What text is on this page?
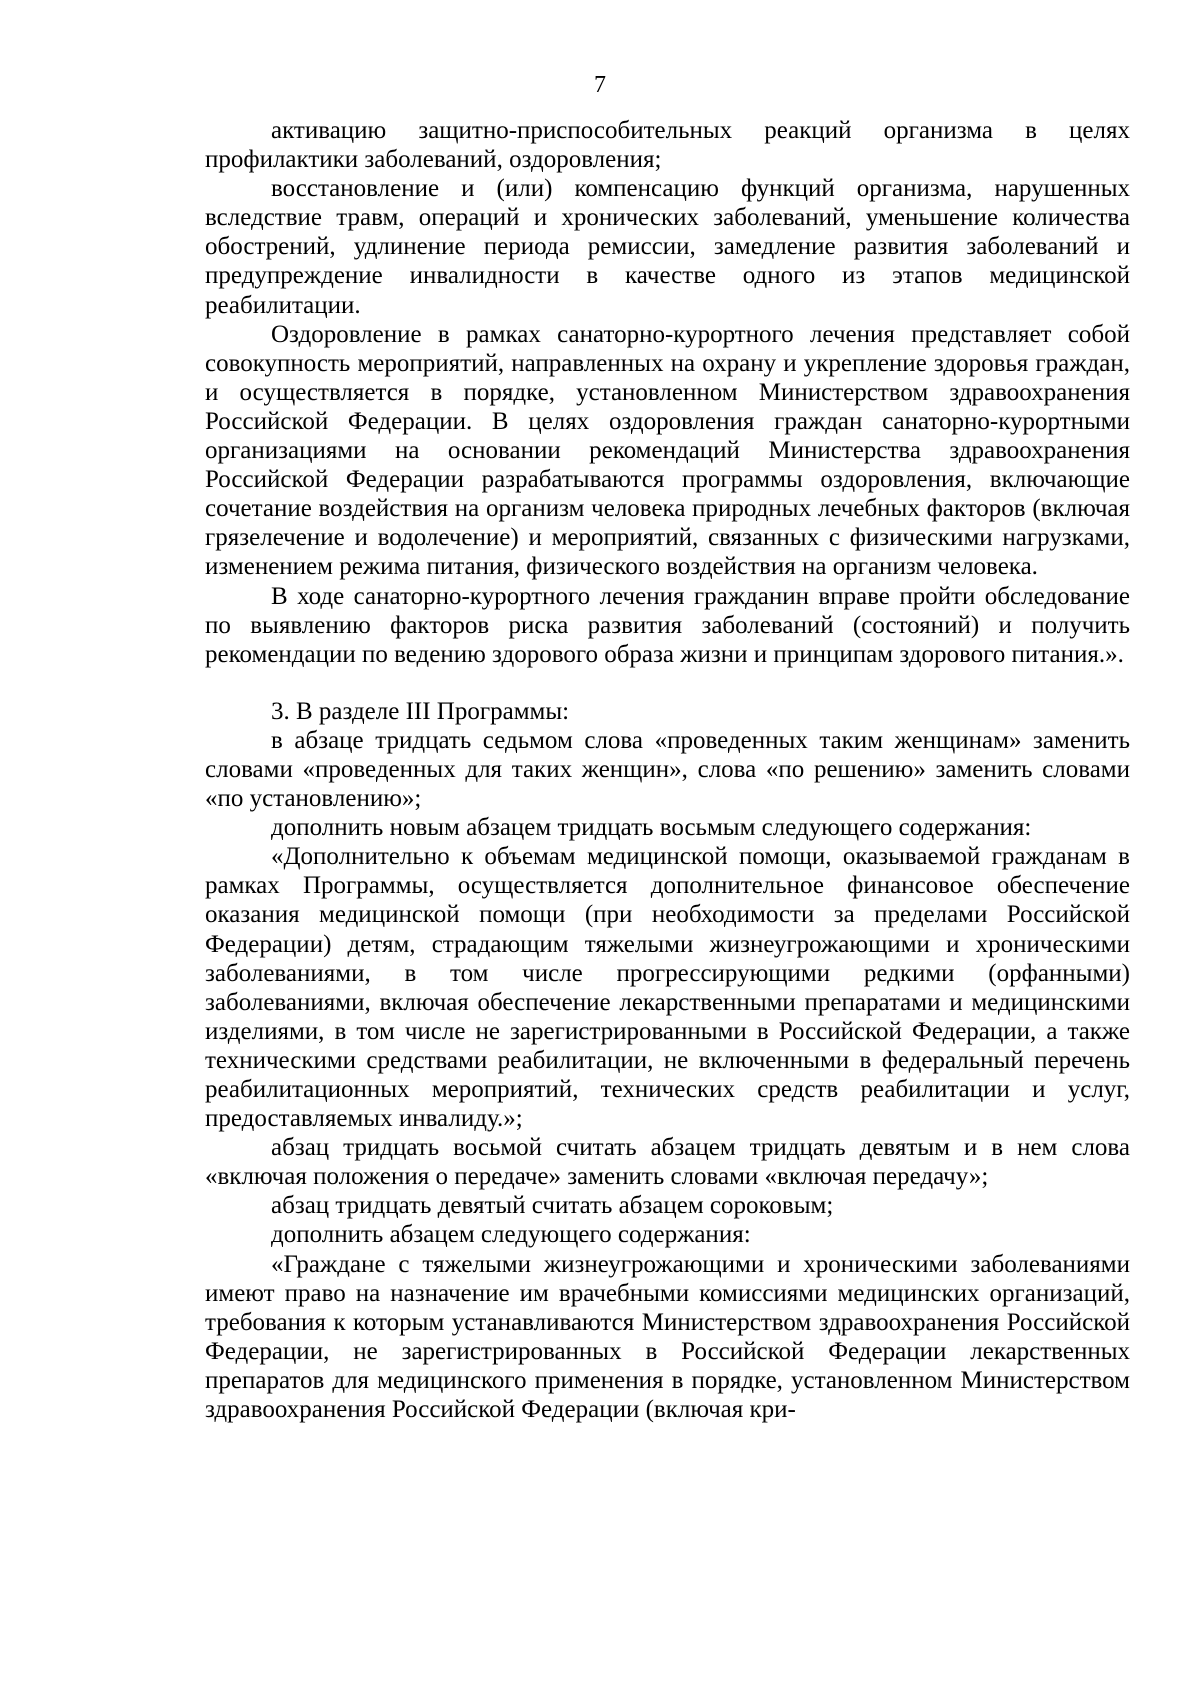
7

активацию защитно-приспособительных реакций организма в целях профилактики заболеваний, оздоровления;

восстановление и (или) компенсацию функций организма, нарушенных вследствие травм, операций и хронических заболеваний, уменьшение количества обострений, удлинение периода ремиссии, замедление развития заболеваний и предупреждение инвалидности в качестве одного из этапов медицинской реабилитации.

Оздоровление в рамках санаторно-курортного лечения представляет собой совокупность мероприятий, направленных на охрану и укрепление здоровья граждан, и осуществляется в порядке, установленном Министерством здравоохранения Российской Федерации. В целях оздоровления граждан санаторно-курортными организациями на основании рекомендаций Министерства здравоохранения Российской Федерации разрабатываются программы оздоровления, включающие сочетание воздействия на организм человека природных лечебных факторов (включая грязелечение и водолечение) и мероприятий, связанных с физическими нагрузками, изменением режима питания, физического воздействия на организм человека.

В ходе санаторно-курортного лечения гражданин вправе пройти обследование по выявлению факторов риска развития заболеваний (состояний) и получить рекомендации по ведению здорового образа жизни и принципам здорового питания.».

3. В разделе III Программы:

в абзаце тридцать седьмом слова «проведенных таким женщинам» заменить словами «проведенных для таких женщин», слова «по решению» заменить словами «по установлению»;

дополнить новым абзацем тридцать восьмым следующего содержания:

«Дополнительно к объемам медицинской помощи, оказываемой гражданам в рамках Программы, осуществляется дополнительное финансовое обеспечение оказания медицинской помощи (при необходимости за пределами Российской Федерации) детям, страдающим тяжелыми жизнеугрожающими и хроническими заболеваниями, в том числе прогрессирующими редкими (орфанными) заболеваниями, включая обеспечение лекарственными препаратами и медицинскими изделиями, в том числе не зарегистрированными в Российской Федерации, а также техническими средствами реабилитации, не включенными в федеральный перечень реабилитационных мероприятий, технических средств реабилитации и услуг, предоставляемых инвалиду.»;

абзац тридцать восьмой считать абзацем тридцать девятым и в нем слова «включая положения о передаче» заменить словами «включая передачу»;

абзац тридцать девятый считать абзацем сороковым;

дополнить абзацем следующего содержания:

«Граждане с тяжелыми жизнеугрожающими и хроническими заболеваниями имеют право на назначение им врачебными комиссиями медицинских организаций, требования к которым устанавливаются Министерством здравоохранения Российской Федерации, не зарегистрированных в Российской Федерации лекарственных препаратов для медицинского применения в порядке, установленном Министерством здравоохранения Российской Федерации (включая кри-
